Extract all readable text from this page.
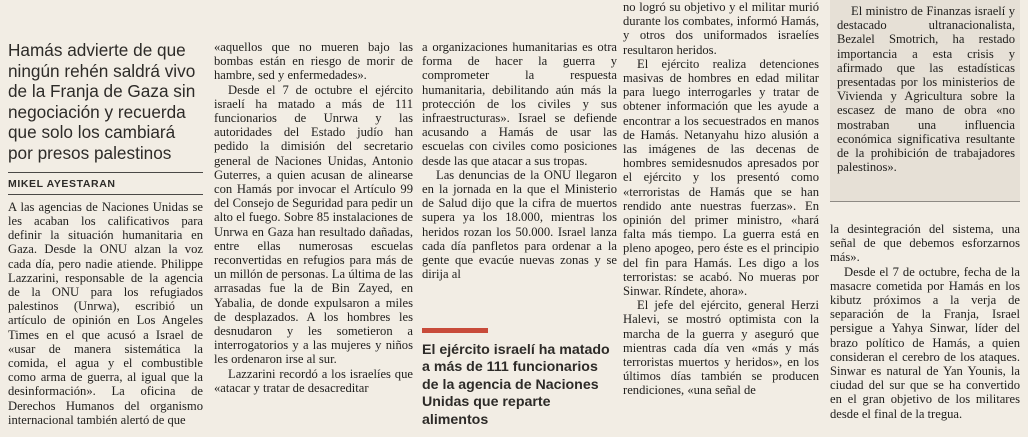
Hamás advierte de que ningún rehén saldrá vivo de la Franja de Gaza sin negociación y recuerda que solo los cambiará por presos palestinos
MIKEL AYESTARAN

A las agencias de Naciones Unidas se les acaban los calificativos para definir la situación humanitaria en Gaza. Desde la ONU alzan la voz cada día, pero nadie atiende. Philippe Lazzarini, responsable de la agencia de la ONU para los refugiados palestinos (Unrwa), escribió un artículo de opinión en Los Angeles Times en el que acusó a Israel de «usar de manera sistemática la comida, el agua y el combustible como arma de guerra, al igual que la desinformación». La oficina de Derechos Humanos del organismo internacional también alertó de que

«aquellos que no mueren bajo las bombas están en riesgo de morir de hambre, sed y enfermedades».

Desde el 7 de octubre el ejército israelí ha matado a más de 111 funcionarios de Unrwa y las autoridades del Estado judío han pedido la dimisión del secretario general de Naciones Unidas, Antonio Guterres, a quien acusan de alinearse con Hamás por invocar el Artículo 99 del Consejo de Seguridad para pedir un alto el fuego. Sobre 85 instalaciones de Unrwa en Gaza han resultado dañadas, entre ellas numerosas escuelas reconvertidas en refugios para más de un millón de personas. La última de las arrasadas fue la de Bin Zayed, en Yabalia, de donde expulsaron a miles de desplazados. A los hombres les desnudaron y les sometieron a interrogatorios y a las mujeres y niños les ordenaron irse al sur.

Lazzarini recordó a los israelíes que «atacar y tratar de desacreditar

a organizaciones humanitarias es otra forma de hacer la guerra y comprometer la respuesta humanitaria, debilitando aún más la protección de los civiles y sus infraestructuras». Israel se defiende acusando a Hamás de usar las escuelas con civiles como posiciones desde las que atacar a sus tropas.

Las denuncias de la ONU llegaron en la jornada en la que el Ministerio de Salud dijo que la cifra de muertos supera ya los 18.000, mientras los heridos rozan los 50.000. Israel lanza cada día panfletos para ordenar a la gente que evacúe nuevas zonas y se dirija al

El ejército israelí ha matado a más de 111 funcionarios de la agencia de Naciones Unidas que reparte alimentos

no logró su objetivo y el militar murió durante los combates, informó Hamás, y otros dos uniformados israelíes resultaron heridos.

El ejército realiza detenciones masivas de hombres en edad militar para luego interrogarles y tratar de obtener información que les ayude a encontrar a los secuestrados en manos de Hamás. Netanyahu hizo alusión a las imágenes de las decenas de hombres semidesnudos apresados por el ejército y los presentó como «terroristas de Hamás que se han rendido ante nuestras fuerzas». En opinión del primer ministro, «hará falta más tiempo. La guerra está en pleno apogeo, pero éste es el principio del fin para Hamás. Les digo a los terroristas: se acabó. No mueras por Sinwar. Ríndete, ahora».

El jefe del ejército, general Herzi Halevi, se mostró optimista con la marcha de la guerra y aseguró que mientras cada día ven «más y más terroristas muertos y heridos», en los últimos días también se producen rendiciones, «una señal de

El ministro de Finanzas israelí y destacado ultranacionalista, Bezalel Smotrich, ha restado importancia a esta crisis y afirmado que las estadísticas presentadas por los ministerios de Vivienda y Agricultura sobre la escasez de mano de obra «no mostraban una influencia económica significativa resultante de la prohibición de trabajadores palestinos».

la desintegración del sistema, una señal de que debemos esforzarnos más».

Desde el 7 de octubre, fecha de la masacre cometida por Hamás en los kibutz próximos a la verja de separación de la Franja, Israel persigue a Yahya Sinwar, líder del brazo político de Hamás, a quien consideran el cerebro de los ataques. Sinwar es natural de Yan Younis, la ciudad del sur que se ha convertido en el gran objetivo de los militares desde el final de la tregua.
